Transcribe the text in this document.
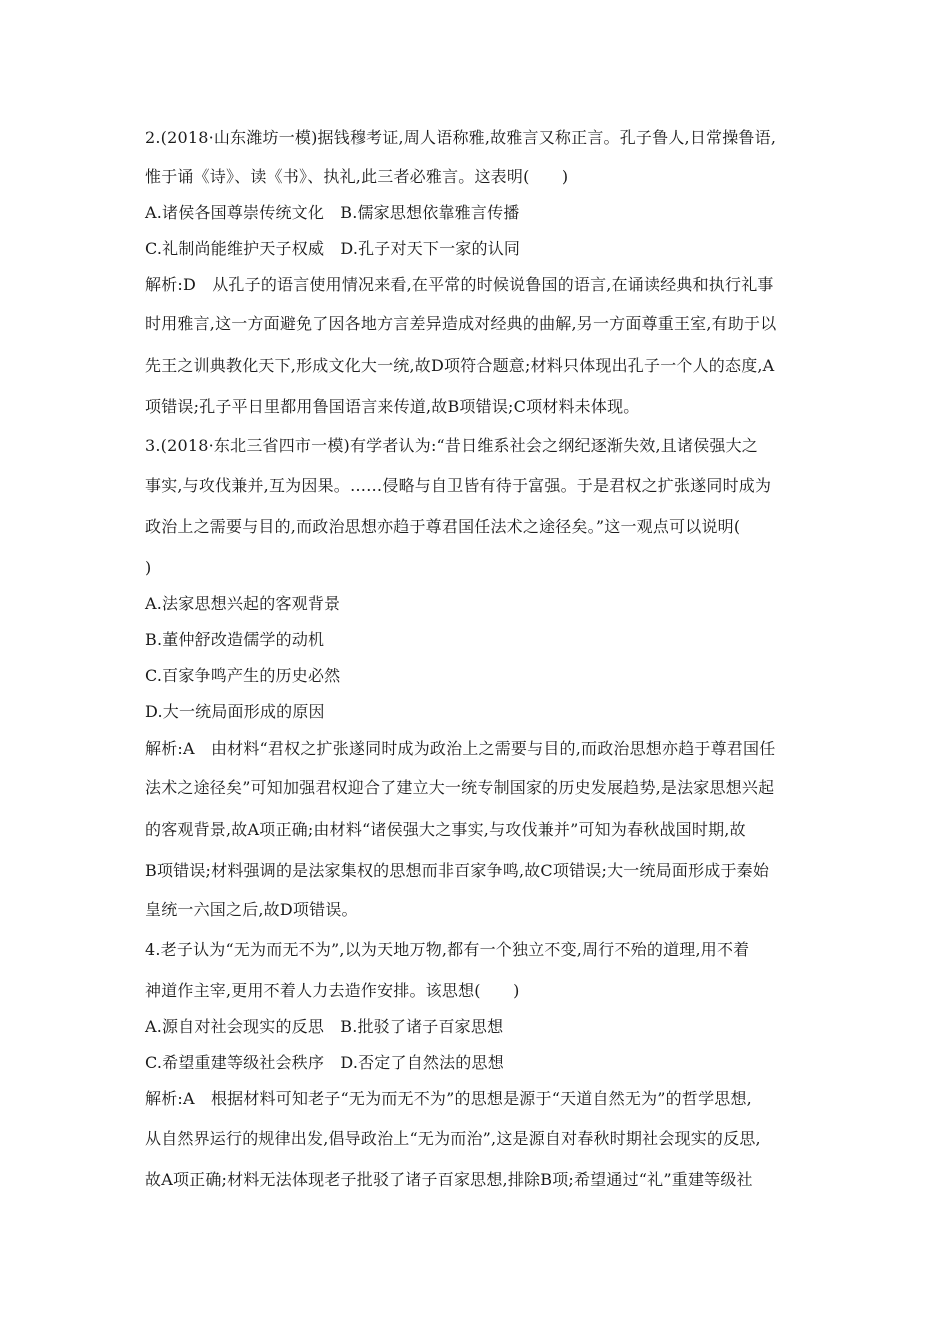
2.(2018·山东潍坊一模)据钱穆考证,周人语称雅,故雅言又称正言。孔子鲁人,日常操鲁语,
惟于诵《诗》、读《书》、执礼,此三者必雅言。这表明(　　)
A.诸侯各国尊崇传统文化　B.儒家思想依靠雅言传播
C.礼制尚能维护天子权威　D.孔子对天下一家的认同
解析:D　从孔子的语言使用情况来看,在平常的时候说鲁国的语言,在诵读经典和执行礼事
时用雅言,这一方面避免了因各地方言差异造成对经典的曲解,另一方面尊重王室,有助于以
先王之训典教化天下,形成文化大一统,故D项符合题意;材料只体现出孔子一个人的态度,A
项错误;孔子平日里都用鲁国语言来传道,故B项错误;C项材料未体现。
3.(2018·东北三省四市一模)有学者认为:“昔日维系社会之纲纪逐渐失效,且诸侯强大之
事实,与攻伐兼并,互为因果。……侵略与自卫皆有待于富强。于是君权之扩张遂同时成为
政治上之需要与目的,而政治思想亦趋于尊君国任法术之途径矣。”这一观点可以说明(
)
A.法家思想兴起的客观背景
B.董仲舒改造儒学的动机
C.百家争鸣产生的历史必然
D.大一统局面形成的原因
解析:A　由材料“君权之扩张遂同时成为政治上之需要与目的,而政治思想亦趋于尊君国任
法术之途径矣”可知加强君权迎合了建立大一统专制国家的历史发展趋势,是法家思想兴起
的客观背景,故A项正确;由材料“诸侯强大之事实,与攻伐兼并”可知为春秋战国时期,故
B项错误;材料强调的是法家集权的思想而非百家争鸣,故C项错误;大一统局面形成于秦始
皇统一六国之后,故D项错误。
4.老子认为“无为而无不为”,以为天地万物,都有一个独立不变,周行不殆的道理,用不着
神道作主宰,更用不着人力去造作安排。该思想(　　)
A.源自对社会现实的反思　B.批驳了诸子百家思想
C.希望重建等级社会秩序　D.否定了自然法的思想
解析:A　根据材料可知老子“无为而无不为”的思想是源于“天道自然无为”的哲学思想,
从自然界运行的规律出发,倡导政治上“无为而治”,这是源自对春秋时期社会现实的反思,
故A项正确;材料无法体现老子批驳了诸子百家思想,排除B项;希望通过“礼”重建等级社
